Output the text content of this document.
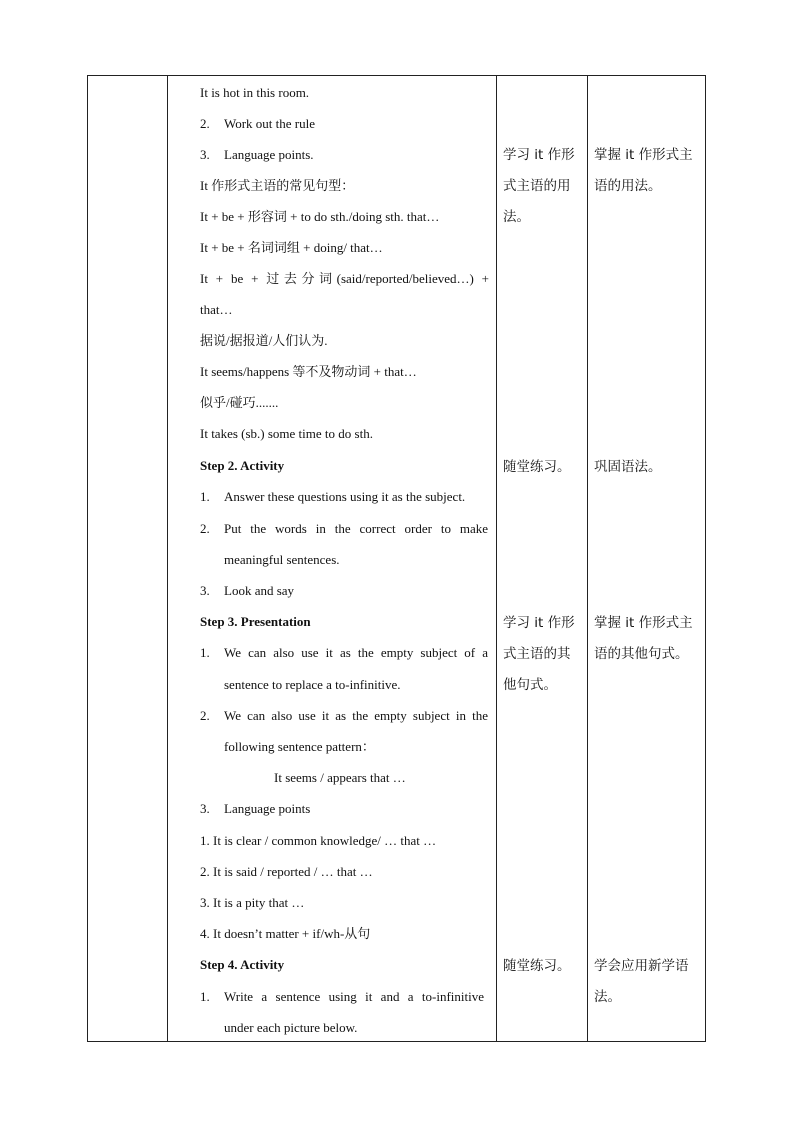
It is hot in this room.
2. Work out the rule
3. Language points.
It 作形式主语的常见句型：
It + be + 形容词 + to do sth./doing sth. that…
It + be + 名词词组 + doing/ that…
It + be + 过去分词(said/reported/believed…) +
that…
据说/据报道/人们认为.
It seems/happens 等不及物动词 + that…
似乎/碰巧.......
It takes (sb.) some time to do sth.
Step 2. Activity
1. Answer these questions using it as the subject.
2. Put the words in the correct order to make
meaningful sentences.
3. Look and say
Step 3. Presentation
1. We can also use it as the empty subject of a
sentence to replace a to-infinitive.
2. We can also use it as the empty subject in the
following sentence pattern：
It seems / appears that …
3. Language points
1. It is clear / common knowledge/ … that …
2. It is said / reported / … that …
3. It is a pity that …
4. It doesn’t matter + if/wh-从句
Step 4. Activity
1. Write a sentence using it and a to-infinitive
under each picture below.
学习 it 作形
式主语的用
法。
随堂练习。
学习 it 作形
式主语的其
他句式。
随堂练习。
掌握 it 作形式主
语的用法。
巩固语法。
掌握 it 作形式主
语的其他句式。
学会应用新学语
法。
